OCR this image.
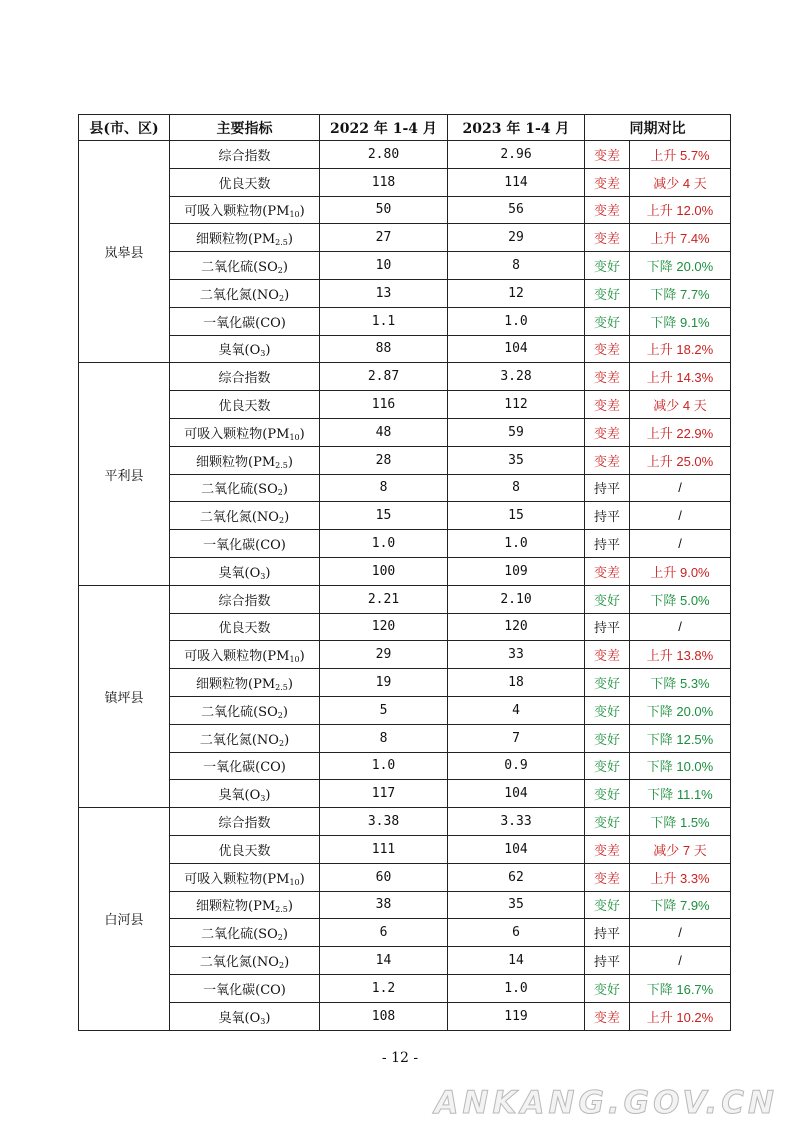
县(市、区)	主要指标	2022 年 1-4 月	2023 年 1-4 月	同期对比	
岚皋县	综合指数	2.80	2.96	变差	上升 5.7%
	优良天数	118	114	变差	减少 4 天
	可吸入颗粒物$(PM_{10})$	50	56	变差	上升 12.0%
	细颗粒物$(PM_{2.5})$	27	29	变差	上升 7.4%
	二氧化硫$(SO_2)$	10	8	变好	下降 20.0%
	二氧化氮$(NO_2)$	13	12	变好	下降 7.7%
	一氧化碳(CO)	1.1	1.0	变好	下降 9.1%
	臭氧$(O_3)$	88	104	变差	上升 18.2%
平利县	综合指数	2.87	3.28	变差	上升 14.3%
	优良天数	116	112	变差	减少 4 天
	可吸入颗粒物$(PM_{10})$	48	59	变差	上升 22.9%
	细颗粒物$(PM_{2.5})$	28	35	变差	上升 25.0%
	二氧化硫$(SO_2)$	8	8	持平	/
	二氧化氮$(NO_2)$	15	15	持平	/
	一氧化碳(CO)	1.0	1.0	持平	/
	臭氧$(O_3)$	100	109	变差	上升 9.0%
镇坪县	综合指数	2.21	2.10	变好	下降 5.0%
	优良天数	120	120	持平	/
	可吸入颗粒物$(PM_{10})$	29	33	变差	上升 13.8%
	细颗粒物$(PM_{2.5})$	19	18	变好	下降 5.3%
	二氧化硫$(SO_2)$	5	4	变好	下降 20.0%
	二氧化氮$(NO_2)$	8	7	变好	下降 12.5%
	一氧化碳(CO)	1.0	0.9	变好	下降 10.0%
	臭氧$(O_3)$	117	104	变好	下降 11.1%
白河县	综合指数	3.38	3.33	变好	下降 1.5%
	优良天数	111	104	变差	减少 7 天
	可吸入颗粒物$(PM_{10})$	60	62	变差	上升 3.3%
	细颗粒物$(PM_{2.5})$	38	35	变好	下降 7.9%
	二氧化硫$(SO_2)$	6	6	持平	/
	二氧化氮$(NO_2)$	14	14	持平	/
	一氧化碳(CO)	1.2	1.0	变好	下降 16.7%
	臭氧$(O_3)$	108	119	变差	上升 10.2%
- 12 -
ANKANG.GOV.CN
